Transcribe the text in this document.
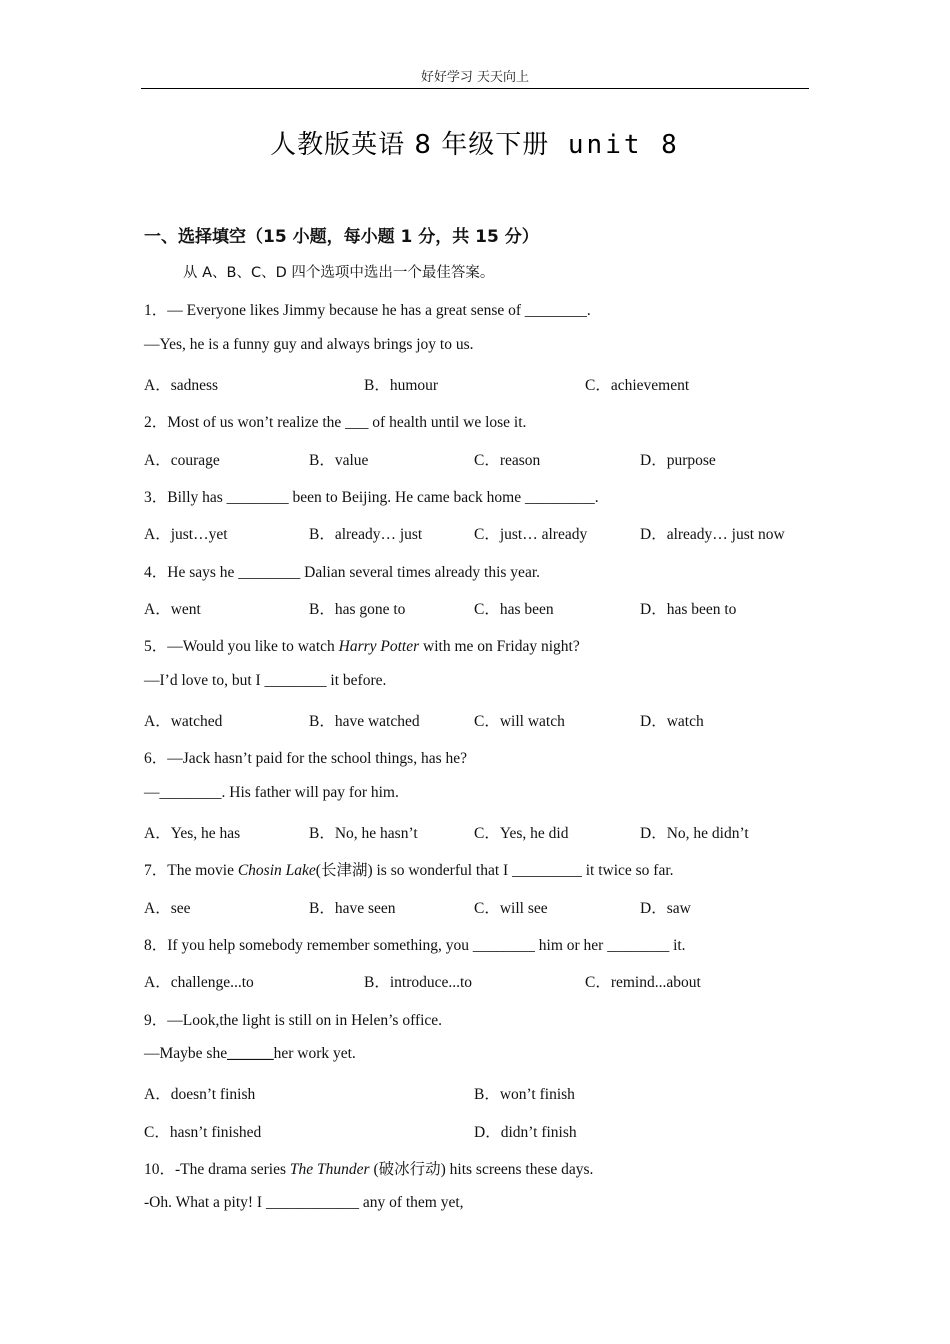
好好学习 天天向上
人教版英语 8 年级下册 unit 8
一、选择填空（15 小题，每小题 1 分，共 15 分）
从 A、B、C、D 四个选项中选出一个最佳答案。
1．— Everyone likes Jimmy because he has a great sense of ________.
—Yes, he is a funny guy and always brings joy to us.
A．sadness	B．humour	C．achievement
2．Most of us won’t realize the ___ of health until we lose it.
A．courage	B．value	C．reason	D．purpose
3．Billy has ________ been to Beijing. He came back home _________.
A．just…yet	B．already… just	C．just… already	D．already… just now
4．He says he ________ Dalian several times already this year.
A．went	B．has gone to	C．has been	D．has been to
5．—Would you like to watch Harry Potter with me on Friday night?
—I’d love to, but I ________ it before.
A．watched	B．have watched	C．will watch	D．watch
6．—Jack hasn’t paid for the school things, has he?
—________. His father will pay for him.
A．Yes, he has	B．No, he hasn’t	C．Yes, he did	D．No, he didn’t
7．The movie Chosin Lake(长津湖) is so wonderful that I _________ it twice so far.
A．see	B．have seen	C．will see	D．saw
8．If you help somebody remember something, you ________ him or her ________ it.
A．challenge...to	B．introduce...to	C．remind...about
9．—Look,the light is still on in Helen’s office.
—Maybe she______her work yet.
A．doesn’t finish	B．won’t finish
C．hasn’t finished	D．didn’t finish
10．-The drama series The Thunder (破冰行动) hits screens these days.
-Oh. What a pity! I ____________ any of them yet,
